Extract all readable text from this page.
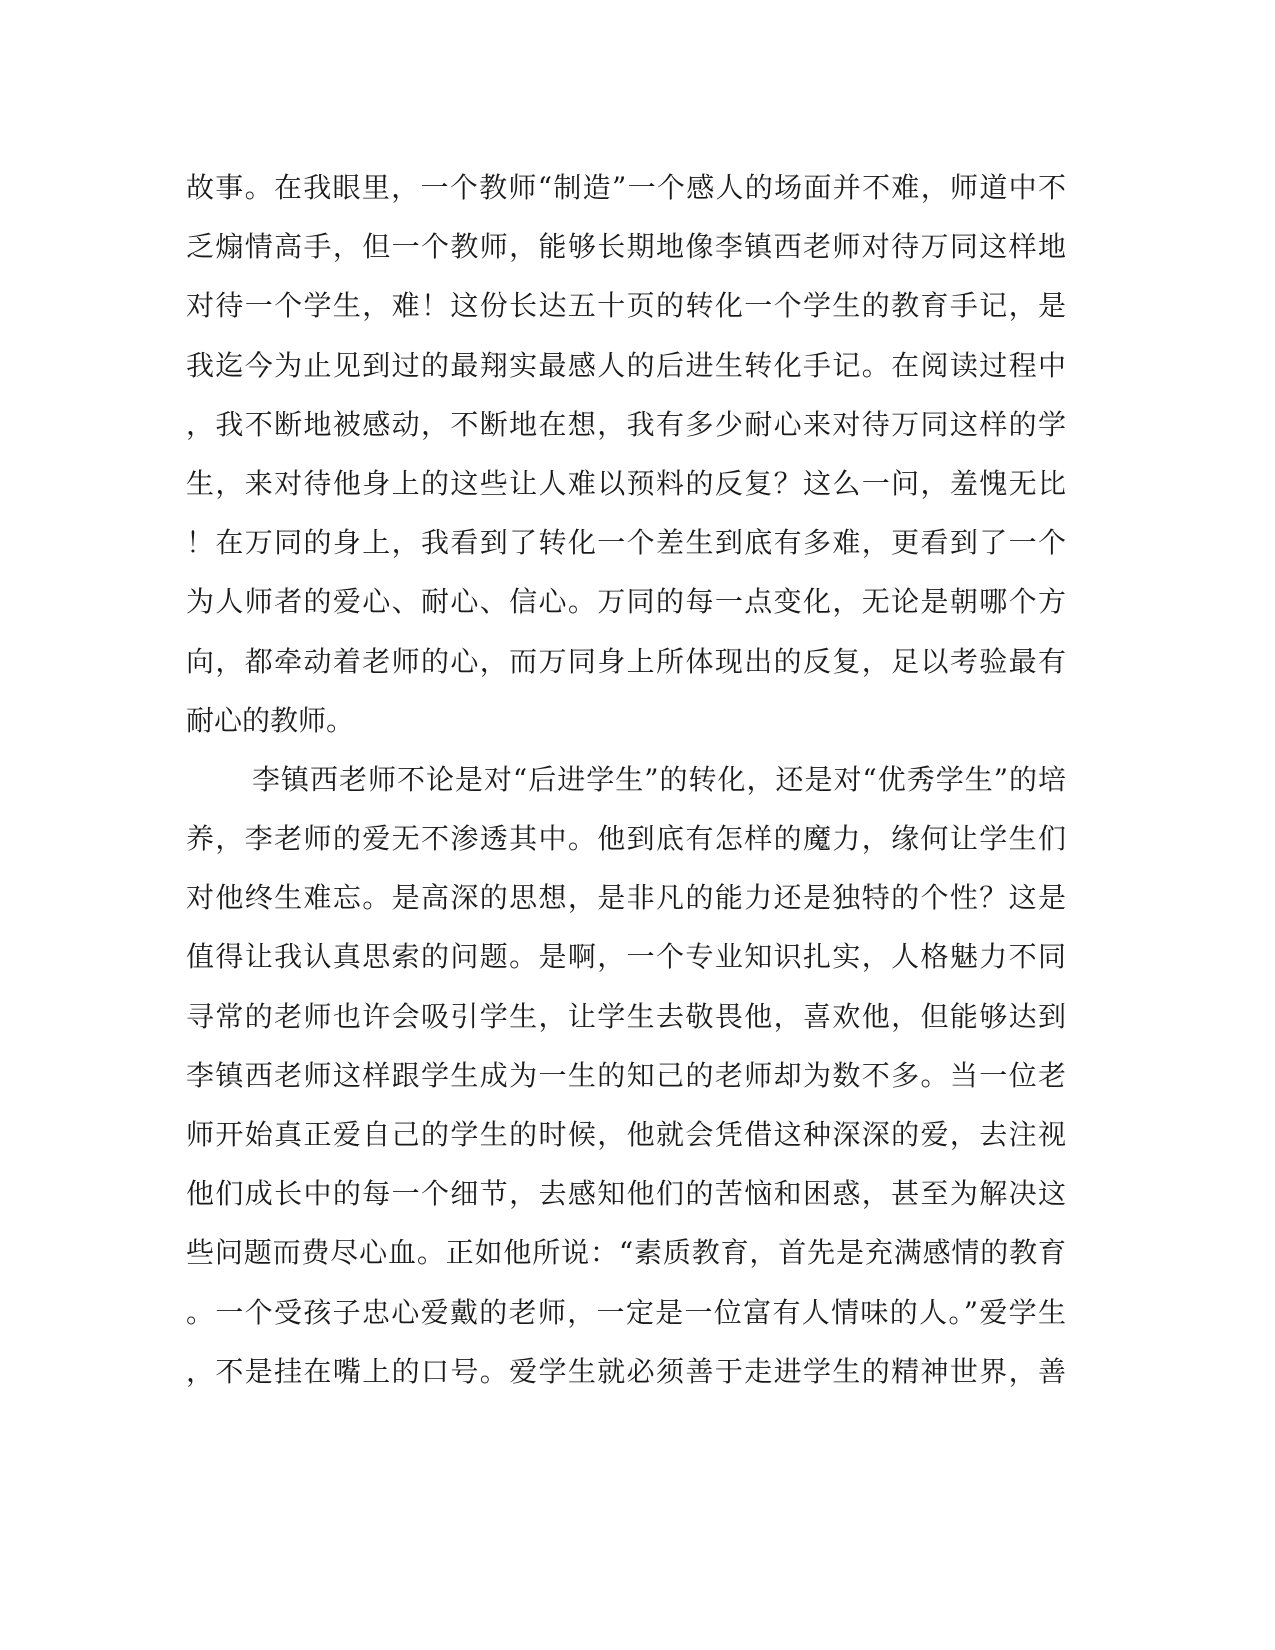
故事。在我眼里，一个教师“制造”一个感人的场面并不难，师道中不
乏煽情高手，但一个教师，能够长期地像李镇西老师对待万同这样地
对待一个学生，难！这份长达五十页的转化一个学生的教育手记，是
我迄今为止见到过的最翔实最感人的后进生转化手记。在阅读过程中
，我不断地被感动，不断地在想，我有多少耐心来对待万同这样的学
生，来对待他身上的这些让人难以预料的反复？这么一问，羞愧无比
！在万同的身上，我看到了转化一个差生到底有多难，更看到了一个
为人师者的爱心、耐心、信心。万同的每一点变化，无论是朝哪个方
向，都牵动着老师的心，而万同身上所体现出的反复，足以考验最有
耐心的教师。
李镇西老师不论是对“后进学生”的转化，还是对“优秀学生”的培
养，李老师的爱无不渗透其中。他到底有怎样的魔力，缘何让学生们
对他终生难忘。是高深的思想，是非凡的能力还是独特的个性？这是
值得让我认真思索的问题。是啊，一个专业知识扎实，人格魅力不同
寻常的老师也许会吸引学生，让学生去敬畏他，喜欢他，但能够达到
李镇西老师这样跟学生成为一生的知己的老师却为数不多。当一位老
师开始真正爱自己的学生的时候，他就会凭借这种深深的爱，去注视
他们成长中的每一个细节，去感知他们的苦恼和困惑，甚至为解决这
些问题而费尽心血。正如他所说：“素质教育，首先是充满感情的教育
。一个受孩子忠心爱戴的老师，一定是一位富有人情味的人。”爱学生
，不是挂在嘴上的口号。爱学生就必须善于走进学生的精神世界，善
